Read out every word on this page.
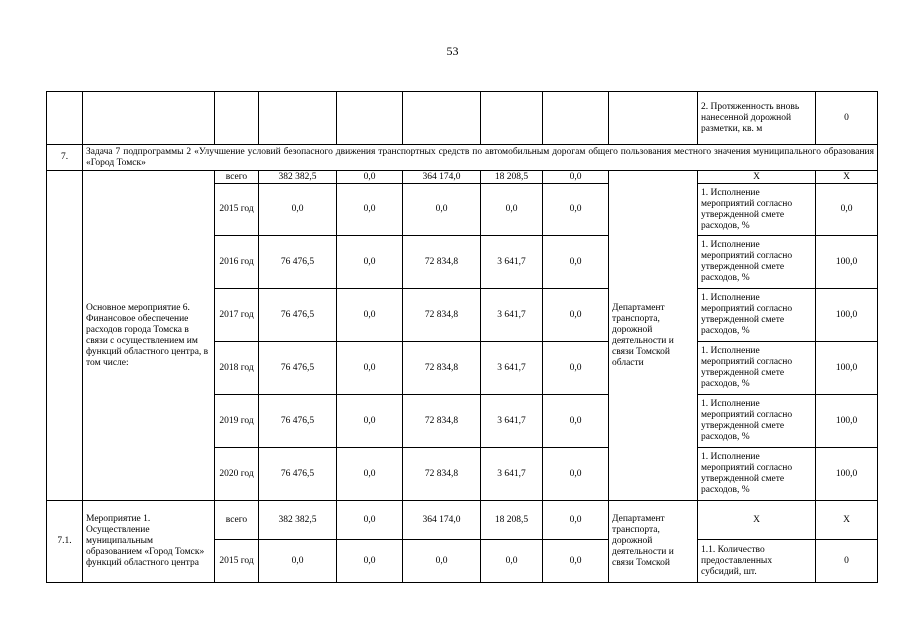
53
									2. Протяженность вновь нанесенной дорожной разметки, кв. м	0
7.	Задача 7 подпрограммы 2 «Улучшение условий безопасного движения транспортных средств по автомобильным дорогам общего пользования местного значения муниципального образования «Город Томск»									
	Основное мероприятие 6. Финансовое обеспечение расходов города Томска в связи с осуществлением им функций областного центра, в том числе:	всего	382 382,5	0,0	364 174,0	18 208,5	0,0	Департамент транспорта, дорожной деятельности и связи Томской области	Х	Х
		2015 год	0,0	0,0	0,0	0,0	0,0		1. Исполнение мероприятий согласно утвержденной смете расходов, %	0,0
		2016 год	76 476,5	0,0	72 834,8	3 641,7	0,0		1. Исполнение мероприятий согласно утвержденной смете расходов, %	100,0
		2017 год	76 476,5	0,0	72 834,8	3 641,7	0,0		1. Исполнение мероприятий согласно утвержденной смете расходов, %	100,0
		2018 год	76 476,5	0,0	72 834,8	3 641,7	0,0		1. Исполнение мероприятий согласно утвержденной смете расходов, %	100,0
		2019 год	76 476,5	0,0	72 834,8	3 641,7	0,0		1. Исполнение мероприятий согласно утвержденной смете расходов, %	100,0
		2020 год	76 476,5	0,0	72 834,8	3 641,7	0,0		1. Исполнение мероприятий согласно утвержденной смете расходов, %	100,0
7.1.	Мероприятие 1. Осуществление муниципальным образованием «Город Томск» функций областного центра	всего	382 382,5	0,0	364 174,0	18 208,5	0,0	Департамент транспорта, дорожной деятельности и связи Томской	Х	Х
		2015 год	0,0	0,0	0,0	0,0	0,0		1.1. Количество предоставленных субсидий, шт.	0
